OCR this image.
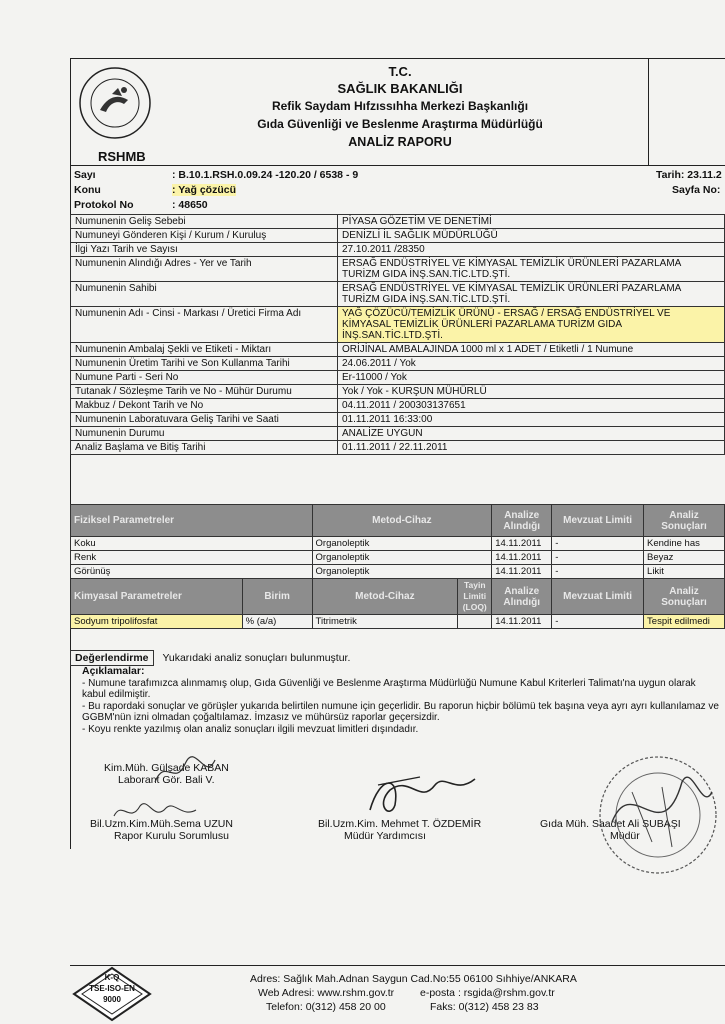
RSHMB
T.C.
SAĞLIK BAKANLIĞI
Refik Saydam Hıfzıssıhha Merkezi Başkanlığı
Gıda Güvenliği ve Beslenme Araştırma Müdürlüğü
ANALİZ RAPORU
Sayı	: B.10.1.RSH.0.09.24 -120.20 / 6538 - 9
Konu	: Yağ çözücü
Protokol No	: 48650
Tarih: 23.11.2
Sayfa No:
Numunenin Geliş Sebebi	PİYASA GÖZETİM VE DENETİMİ
Numuneyi Gönderen Kişi / Kurum / Kuruluş	DENİZLİ İL SAĞLIK MÜDÜRLÜĞÜ
İlgi Yazı Tarih ve Sayısı	27.10.2011 /28350
Numunenin Alındığı Adres - Yer ve Tarih	ERSAĞ ENDÜSTRİYEL VE KİMYASAL TEMİZLİK ÜRÜNLERİ PAZARLAMA TURİZM GIDA İNŞ.SAN.TİC.LTD.ŞTİ.
Numunenin Sahibi	ERSAĞ ENDÜSTRİYEL VE KİMYASAL TEMİZLİK ÜRÜNLERİ PAZARLAMA TURİZM GIDA İNŞ.SAN.TİC.LTD.ŞTİ.
Numunenin Adı - Cinsi - Markası / Üretici Firma Adı	YAĞ ÇÖZÜCÜ/TEMİZLİK ÜRÜNÜ - ERSAĞ / ERSAĞ ENDÜSTRİYEL VE KİMYASAL TEMİZLİK ÜRÜNLERİ PAZARLAMA TURİZM GIDA İNŞ.SAN.TİC.LTD.ŞTİ.
Numunenin Ambalaj Şekli ve Etiketi - Miktarı	ORİJİNAL AMBALAJINDA 1000 ml x 1 ADET / Etiketli / 1 Numune
Numunenin Üretim Tarihi ve Son Kullanma Tarihi	24.06.2011 / Yok
Numune Parti - Seri No	Er-11000 / Yok
Tutanak / Sözleşme Tarih ve No - Mühür Durumu	Yok / Yok - KURŞUN MÜHÜRLÜ
Makbuz / Dekont Tarih ve No	04.11.2011 / 200303137651
Numunenin Laboratuvara Geliş Tarihi ve Saati	01.11.2011 16:33:00
Numunenin Durumu	ANALİZE UYGUN
Analiz Başlama ve Bitiş Tarihi	01.11.2011 / 22.11.2011
Fiziksel Parametreler		Metod-Cihaz		Analize Alındığı	Mevzuat Limiti	Analiz Sonuçları
Koku		Organoleptik		14.11.2011	-	Kendine has
Renk		Organoleptik		14.11.2011	-	Beyaz
Görünüş		Organoleptik		14.11.2011	-	Likit
Kimyasal Parametreler	Birim	Metod-Cihaz	Tayin Limiti (LOQ)	Analize Alındığı	Mevzuat Limiti	Analiz Sonuçları
Sodyum tripolifosfat	% (a/a)	Titrimetrik		14.11.2011	-	Tespit edilmedi
Değerlendirme Yukarıdaki analiz sonuçları bulunmuştur.
Açıklamalar:
- Numune tarafımızca alınmamış olup, Gıda Güvenliği ve Beslenme Araştırma Müdürlüğü Numune Kabul Kriterleri Talimatı'na uygun olarak kabul edilmiştir.
- Bu rapordaki sonuçlar ve görüşler yukarıda belirtilen numune için geçerlidir. Bu raporun hiçbir bölümü tek başına veya ayrı ayrı kullanılamaz ve GGBM'nün izni olmadan çoğaltılamaz. İmzasız ve mühürsüz raporlar geçersizdir.
- Koyu renkte yazılmış olan analiz sonuçları ilgili mevzuat limitleri dışındadır.
Kim.Müh. Gülşade KABAN
Laborant Gör. Bali V.
Bil.Uzm.Kim.Müh.Sema UZUN
Rapor Kurulu Sorumlusu
Bil.Uzm.Kim. Mehmet T. ÖZDEMİR
Müdür Yardımcısı
Gıda Müh. Saadet Ali SUBAŞI
Müdür
K-Q
TSE-ISO-EN
9000
Adres: Sağlık Mah.Adnan Saygun Cad.No:55 06100 Sıhhiye/ANKARA
Web Adresi: www.rshm.gov.tr	e-posta : rsgida@rshm.gov.tr
Telefon: 0(312) 458 20 00	Faks: 0(312) 458 23 83
